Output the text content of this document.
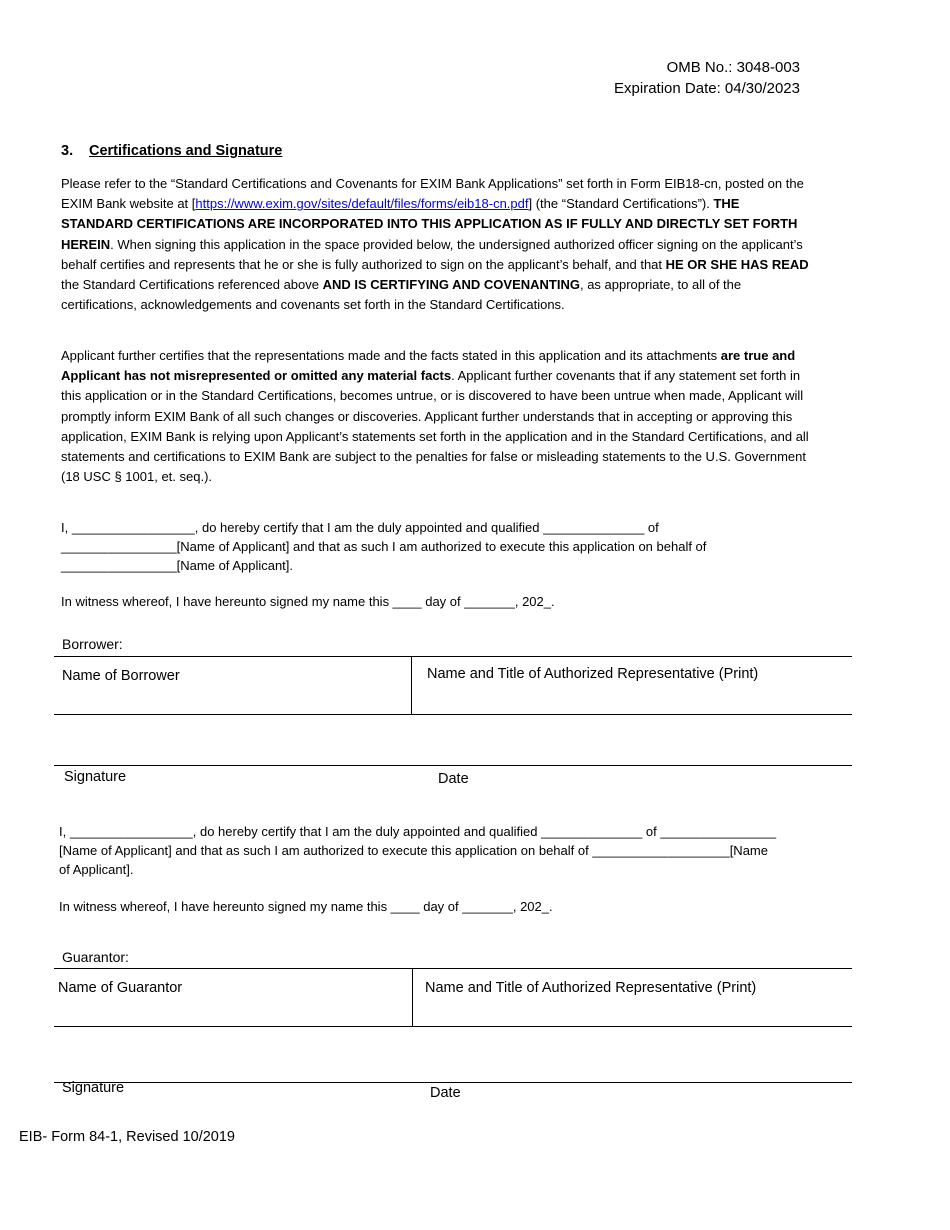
OMB No.: 3048-003
Expiration Date: 04/30/2023
3. Certifications and Signature
Please refer to the “Standard Certifications and Covenants for EXIM Bank Applications” set forth in Form EIB18-cn, posted on the EXIM Bank website at [https://www.exim.gov/sites/default/files/forms/eib18-cn.pdf] (the “Standard Certifications”). THE STANDARD CERTIFICATIONS ARE INCORPORATED INTO THIS APPLICATION AS IF FULLY AND DIRECTLY SET FORTH HEREIN. When signing this application in the space provided below, the undersigned authorized officer signing on the applicant’s behalf certifies and represents that he or she is fully authorized to sign on the applicant’s behalf, and that HE OR SHE HAS READ the Standard Certifications referenced above AND IS CERTIFYING AND COVENANTING, as appropriate, to all of the certifications, acknowledgements and covenants set forth in the Standard Certifications.
Applicant further certifies that the representations made and the facts stated in this application and its attachments are true and Applicant has not misrepresented or omitted any material facts. Applicant further covenants that if any statement set forth in this application or in the Standard Certifications, becomes untrue, or is discovered to have been untrue when made, Applicant will promptly inform EXIM Bank of all such changes or discoveries. Applicant further understands that in accepting or approving this application, EXIM Bank is relying upon Applicant’s statements set forth in the application and in the Standard Certifications, and all statements and certifications to EXIM Bank are subject to the penalties for false or misleading statements to the U.S. Government (18 USC § 1001, et. seq.).
I, _________________, do hereby certify that I am the duly appointed and qualified ______________ of
________________[Name of Applicant] and that as such I am authorized to execute this application on behalf of
________________[Name of Applicant].
In witness whereof, I have hereunto signed my name this ____ day of _______, 202_.
Borrower:
Name of Borrower	Name and Title of Authorized Representative (Print)
Signature	Date
I, _________________, do hereby certify that I am the duly appointed and qualified ______________ of ________________
[Name of Applicant] and that as such I am authorized to execute this application on behalf of ___________________[Name
of Applicant].
In witness whereof, I have hereunto signed my name this ____ day of _______, 202_.
Guarantor:
Name of Guarantor	Name and Title of Authorized Representative (Print)
Signature	Date
EIB- Form 84-1, Revised 10/2019
